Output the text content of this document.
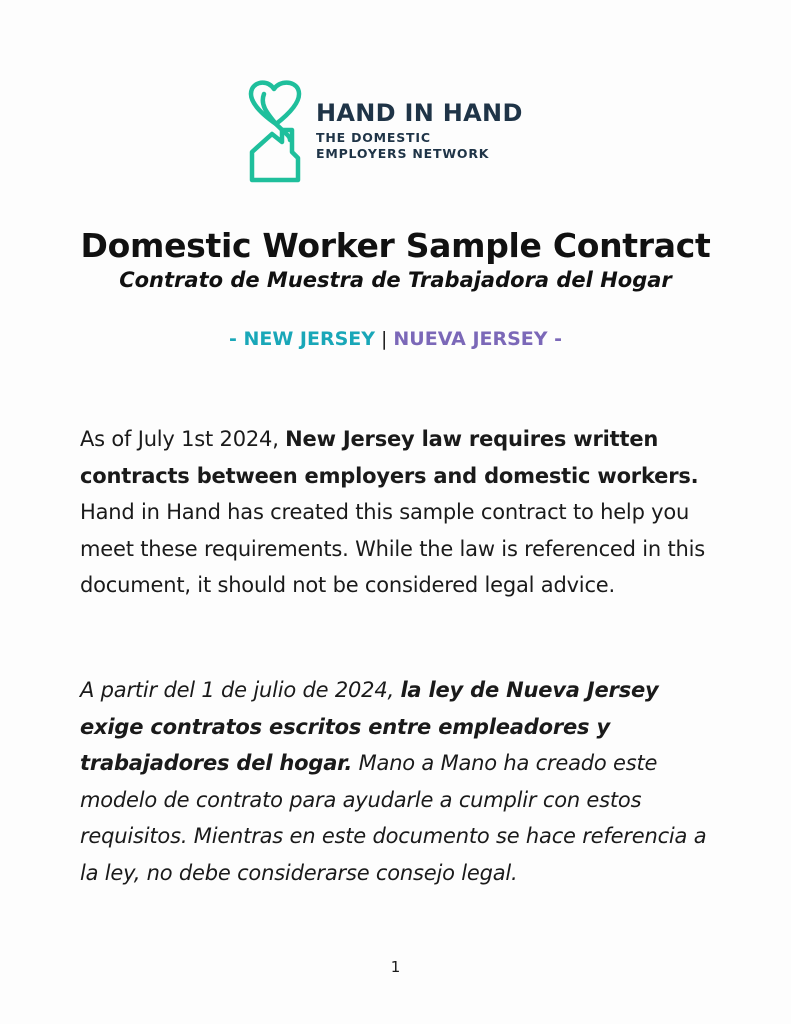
HAND IN HAND
THE DOMESTIC
EMPLOYERS NETWORK
Domestic Worker Sample Contract
Contrato de Muestra de Trabajadora del Hogar
- NEW JERSEY | NUEVA JERSEY -

As of July 1st 2024, New Jersey law requires written contracts between employers and domestic workers. Hand in Hand has created this sample contract to help you meet these requirements. While the law is referenced in this document, it should not be considered legal advice.

A partir del 1 de julio de 2024, la ley de Nueva Jersey exige contratos escritos entre empleadores y trabajadores del hogar. Mano a Mano ha creado este modelo de contrato para ayudarle a cumplir con estos requisitos. Mientras en este documento se hace referencia a la ley, no debe considerarse consejo legal.

1
